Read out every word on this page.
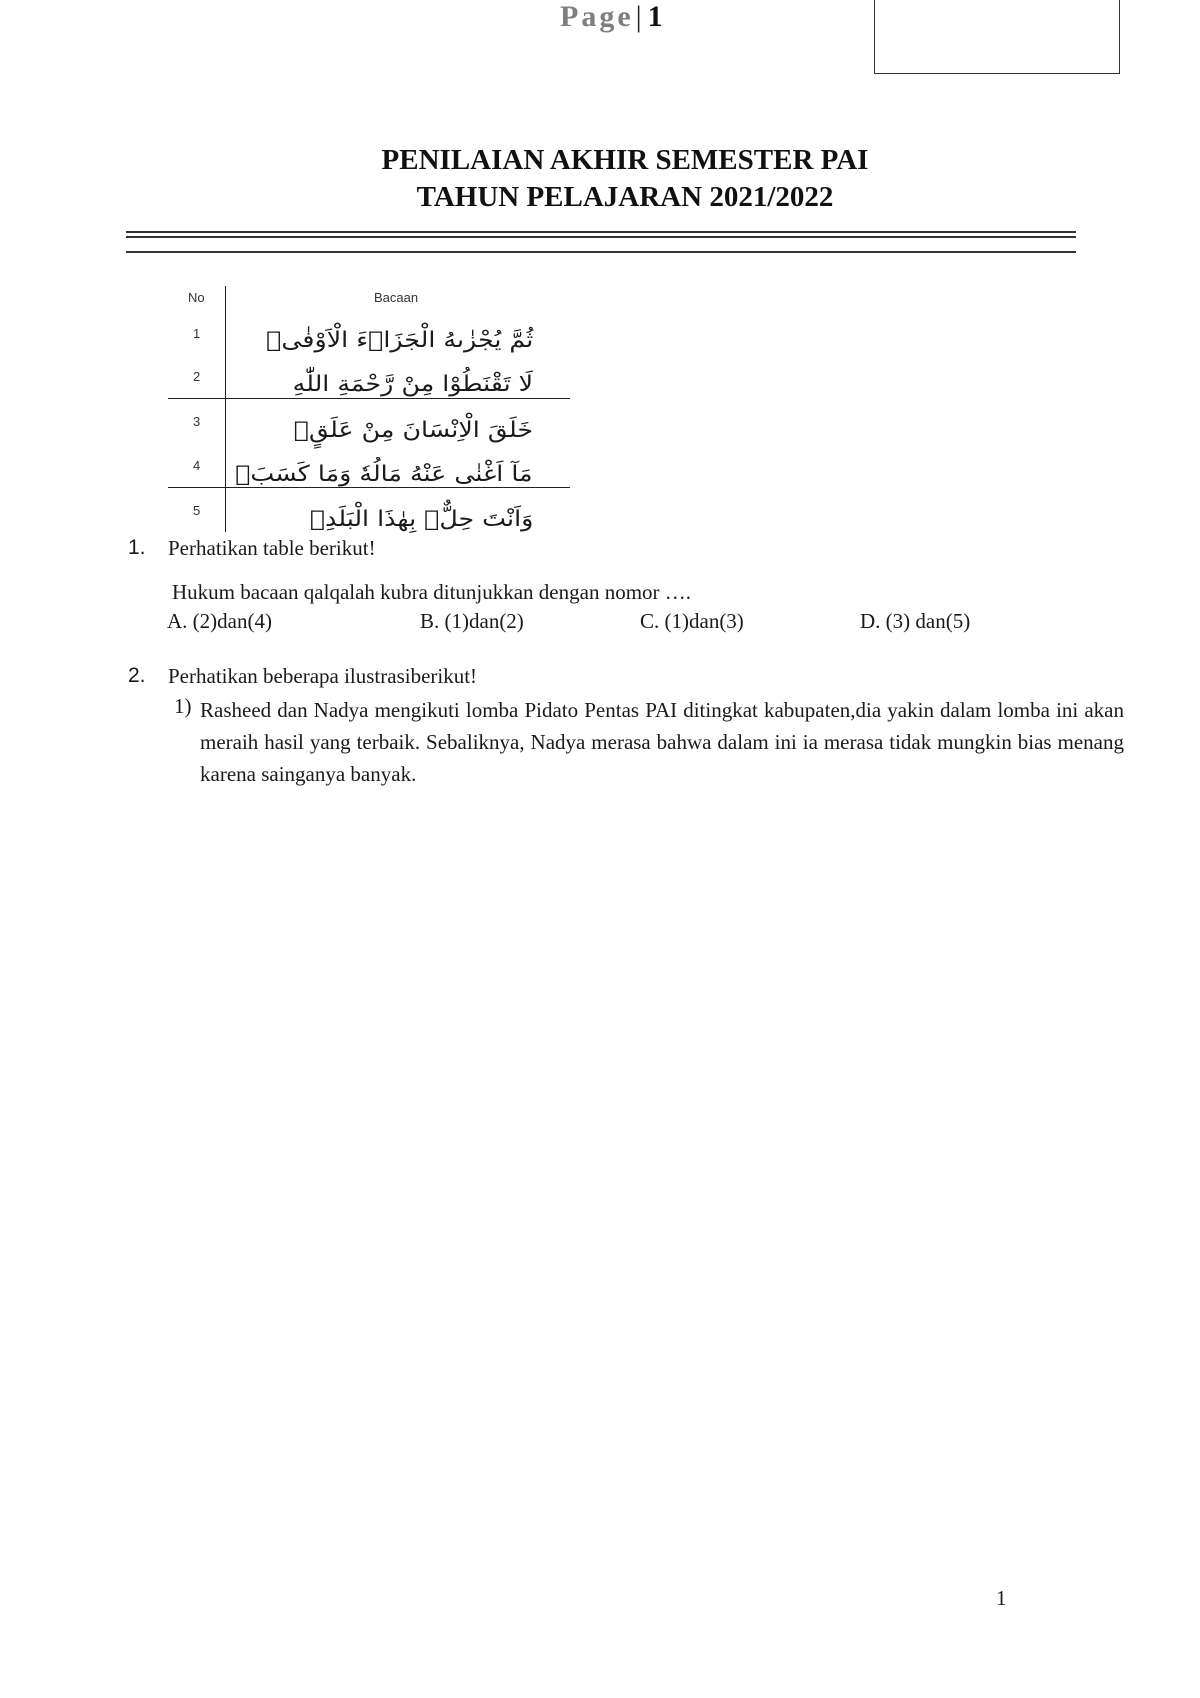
Page| 1
PENILAIAN AKHIR SEMESTER PAI
TAHUN PELAJARAN 2021/2022
No	Bacaan
1	ثُمَّ يُجْزٰىهُ الْجَزَاۤءَ الْاَوْفٰىۙ
2	لَا تَقْنَطُوْا مِنْ رَّحْمَةِ اللّٰهِ
3	خَلَقَ الْاِنْسَانَ مِنْ عَلَقٍۚ
4 مَآ اَغْنٰى عَنْهُ مَالُهٗ وَمَا كَسَبَۗ
5	وَاَنْتَ حِلٌّۢ بِهٰذَا الْبَلَدِۙ
1. Perhatikan table berikut!
Hukum bacaan qalqalah kubra ditunjukkan dengan nomor ….
A. (2)dan(4)	B. (1)dan(2)	C. (1)dan(3)	D. (3) dan(5)
2. Perhatikan beberapa ilustrasiberikut!
1) Rasheed dan Nadya mengikuti lomba Pidato Pentas PAI ditingkat kabupaten,dia yakin dalam lomba ini akan meraih hasil yang terbaik. Sebaliknya, Nadya merasa bahwa dalam ini ia merasa tidak mungkin bias menang karena sainganya banyak.
1
